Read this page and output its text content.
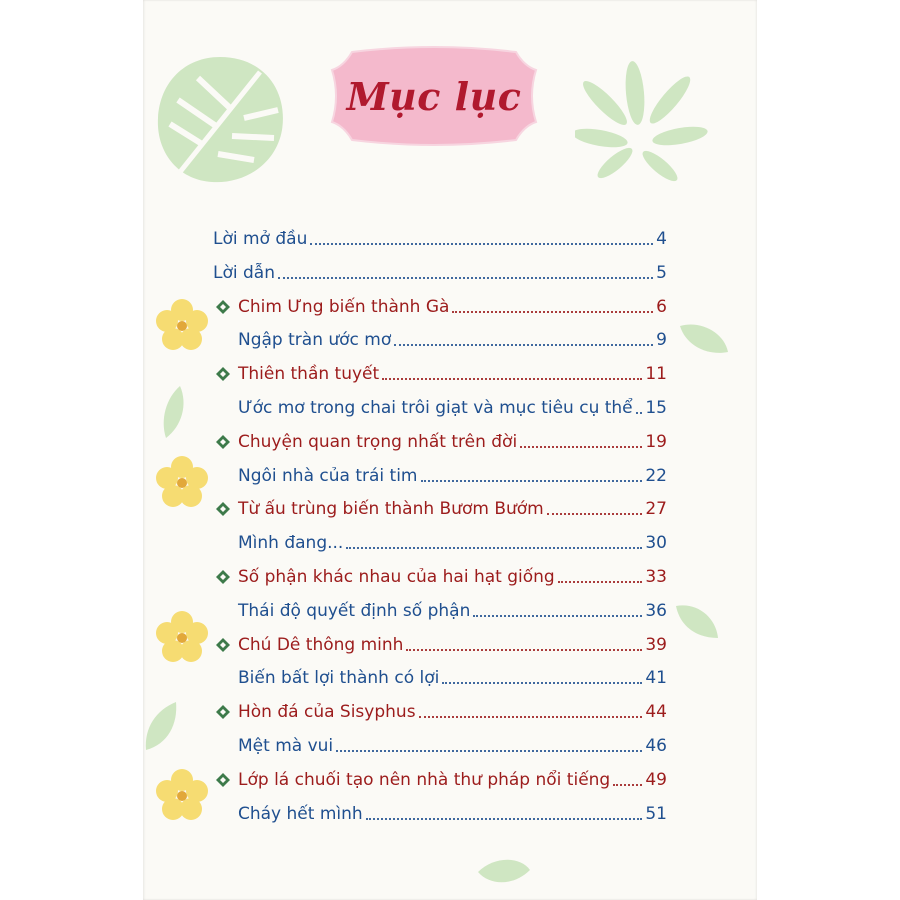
Mục lục
Lời mở đầu	4
Lời dẫn	5
Chim Ưng biến thành Gà	6
Ngập tràn ước mơ	9
Thiên thần tuyết	11
Ước mơ trong chai trôi giạt và mục tiêu cụ thể 15
Chuyện quan trọng nhất trên đời	19
Ngôi nhà của trái tim	22
Từ ấu trùng biến thành Bươm Bướm	27
Mình đang...	30
Số phận khác nhau của hai hạt giống	33
Thái độ quyết định số phận	36
Chú Dê thông minh	39
Biến bất lợi thành có lợi	41
Hòn đá của Sisyphus	44
Mệt mà vui	46
Lớp lá chuối tạo nên nhà thư pháp nổi tiếng 49
Cháy hết mình	51
